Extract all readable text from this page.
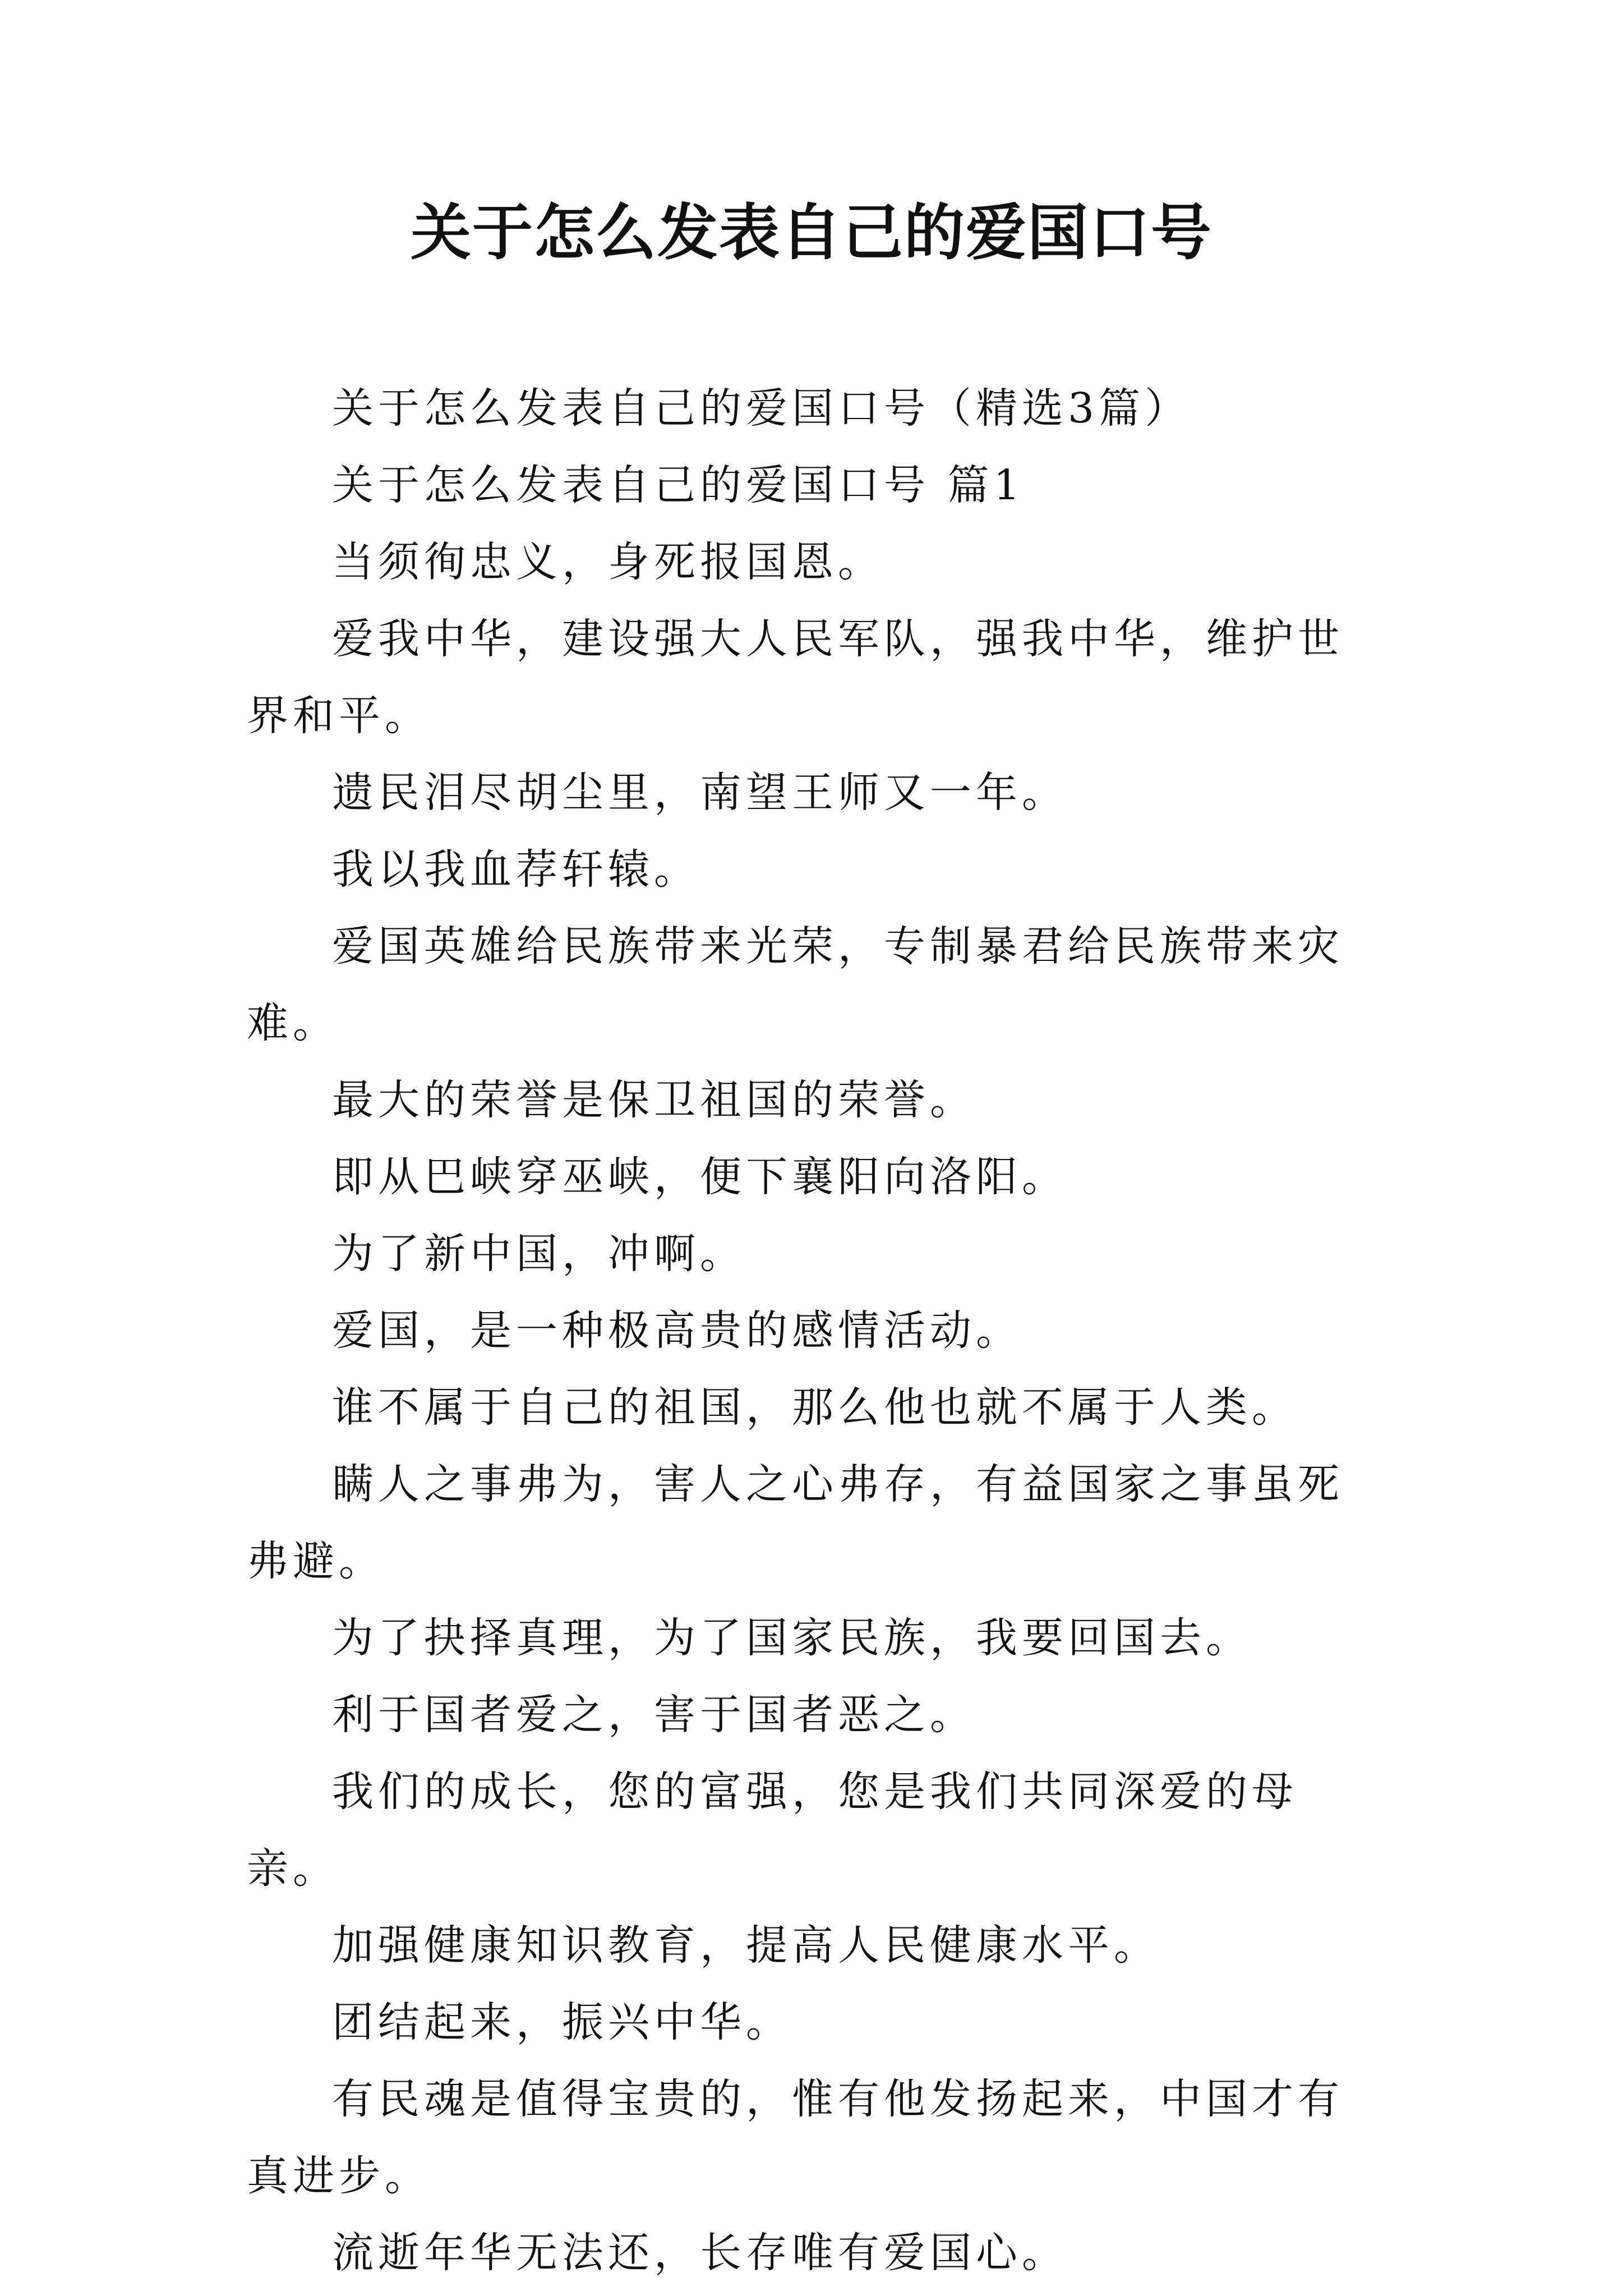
关于怎么发表自己的爱国口号

关于怎么发表自己的爱国口号（精选3篇）

关于怎么发表自己的爱国口号 篇1

当须徇忠义，身死报国恩。

爱我中华，建设强大人民军队，强我中华，维护世界和平。

遗民泪尽胡尘里，南望王师又一年。

我以我血荐轩辕。

爱国英雄给民族带来光荣，专制暴君给民族带来灾难。

最大的荣誉是保卫祖国的荣誉。

即从巴峡穿巫峡，便下襄阳向洛阳。

为了新中国，冲啊。

爱国，是一种极高贵的感情活动。

谁不属于自己的祖国，那么他也就不属于人类。

瞒人之事弗为，害人之心弗存，有益国家之事虽死弗避。

为了抉择真理，为了国家民族，我要回国去。

利于国者爱之，害于国者恶之。

我们的成长，您的富强，您是我们共同深爱的母亲。

加强健康知识教育，提高人民健康水平。

团结起来，振兴中华。

有民魂是值得宝贵的，惟有他发扬起来，中国才有真进步。

流逝年华无法还，长存唯有爱国心。
